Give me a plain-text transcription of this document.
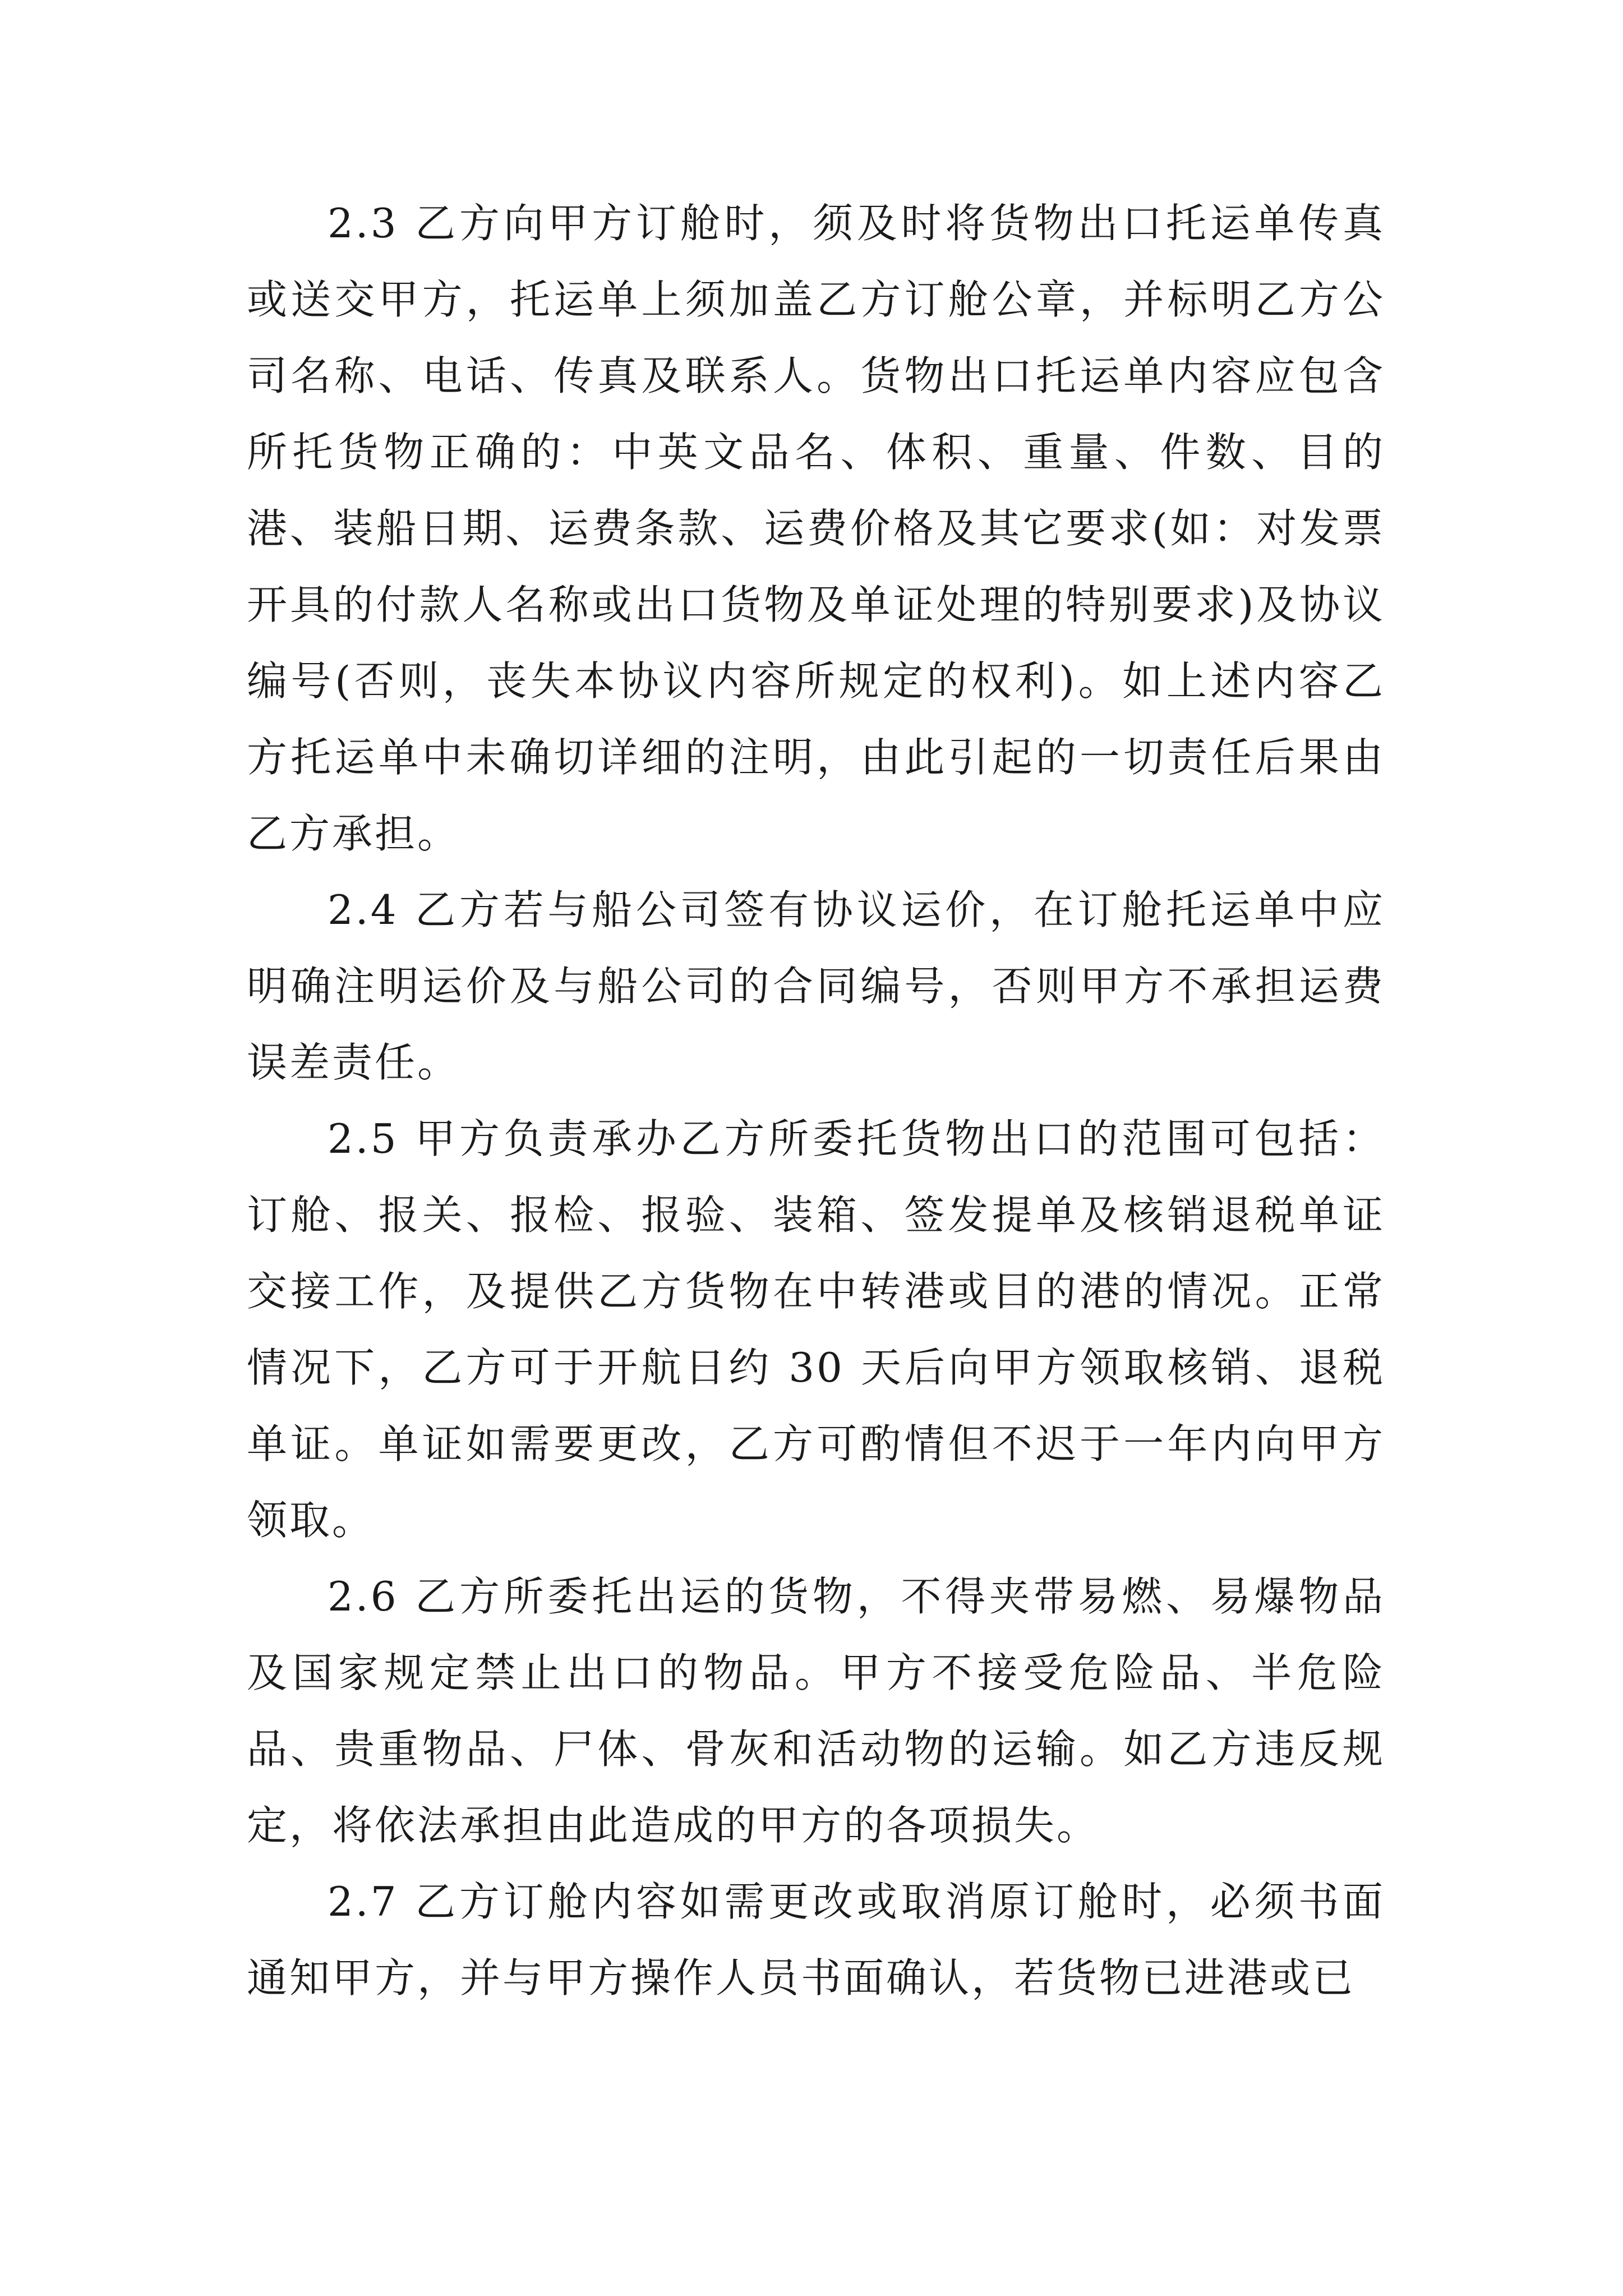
2.3 乙方向甲方订舱时，须及时将货物出口托运单传真或送交甲方，托运单上须加盖乙方订舱公章，并标明乙方公司名称、电话、传真及联系人。货物出口托运单内容应包含所托货物正确的：中英文品名、体积、重量、件数、目的港、装船日期、运费条款、运费价格及其它要求(如：对发票开具的付款人名称或出口货物及单证处理的特别要求)及协议编号(否则，丧失本协议内容所规定的权利)。如上述内容乙方托运单中未确切详细的注明，由此引起的一切责任后果由乙方承担。

2.4 乙方若与船公司签有协议运价，在订舱托运单中应明确注明运价及与船公司的合同编号，否则甲方不承担运费误差责任。

2.5 甲方负责承办乙方所委托货物出口的范围可包括：订舱、报关、报检、报验、装箱、签发提单及核销退税单证交接工作，及提供乙方货物在中转港或目的港的情况。正常情况下，乙方可于开航日约 30 天后向甲方领取核销、退税单证。单证如需要更改，乙方可酌情但不迟于一年内向甲方领取。

2.6 乙方所委托出运的货物，不得夹带易燃、易爆物品及国家规定禁止出口的物品。甲方不接受危险品、半危险品、贵重物品、尸体、骨灰和活动物的运输。如乙方违反规定，将依法承担由此造成的甲方的各项损失。

2.7 乙方订舱内容如需更改或取消原订舱时，必须书面通知甲方，并与甲方操作人员书面确认，若货物已进港或已
